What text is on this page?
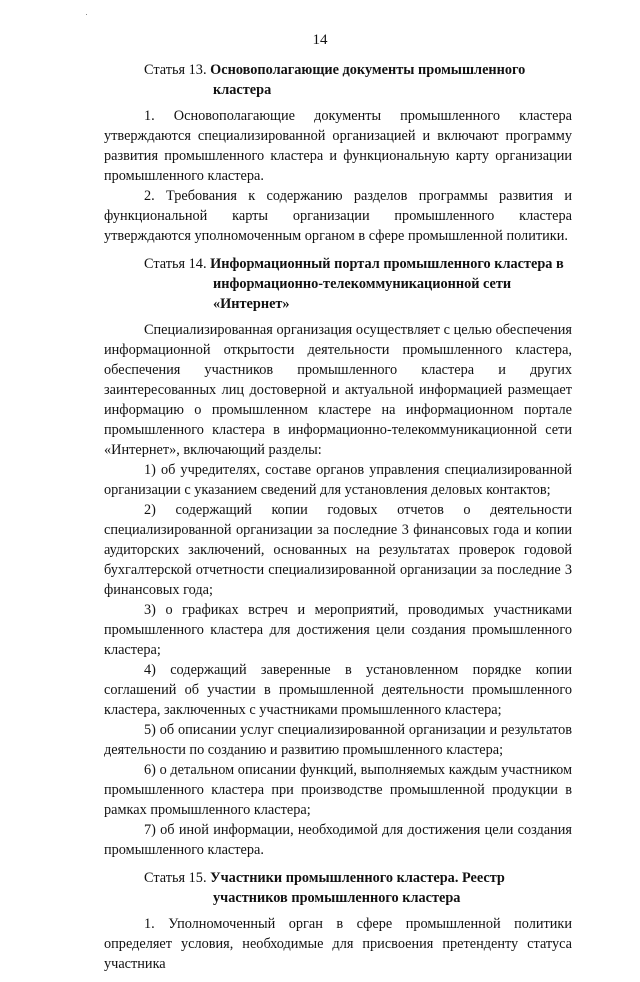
14
Статья 13. Основополагающие документы промышленного
кластера

1. Основополагающие документы промышленного кластера утверждаются специализированной организацией и включают программу развития промышленного кластера и функциональную карту организации промышленного кластера.

2. Требования к содержанию разделов программы развития и функциональной карты организации промышленного кластера утверждаются уполномоченным органом в сфере промышленной политики.

Статья 14. Информационный портал промышленного кластера в
информационно-телекоммуникационной сети
«Интернет»

Специализированная организация осуществляет с целью обеспечения информационной открытости деятельности промышленного кластера, обеспечения участников промышленного кластера и других заинтересованных лиц достоверной и актуальной информацией размещает информацию о промышленном кластере на информационном портале промышленного кластера в информационно-телекоммуникационной сети «Интернет», включающий разделы:

1) об учредителях, составе органов управления специализированной организации с указанием сведений для установления деловых контактов;

2) содержащий копии годовых отчетов о деятельности специализированной организации за последние 3 финансовых года и копии аудиторских заключений, основанных на результатах проверок годовой бухгалтерской отчетности специализированной организации за последние 3 финансовых года;

3) о графиках встреч и мероприятий, проводимых участниками промышленного кластера для достижения цели создания промышленного кластера;

4) содержащий заверенные в установленном порядке копии соглашений об участии в промышленной деятельности промышленного кластера, заключенных с участниками промышленного кластера;

5) об описании услуг специализированной организации и результатов деятельности по созданию и развитию промышленного кластера;

6) о детальном описании функций, выполняемых каждым участником промышленного кластера при производстве промышленной продукции в рамках промышленного кластера;

7) об иной информации, необходимой для достижения цели создания промышленного кластера.

Статья 15. Участники промышленного кластера. Реестр
участников промышленного кластера

1. Уполномоченный орган в сфере промышленной политики определяет условия, необходимые для присвоения претенденту статуса участника
